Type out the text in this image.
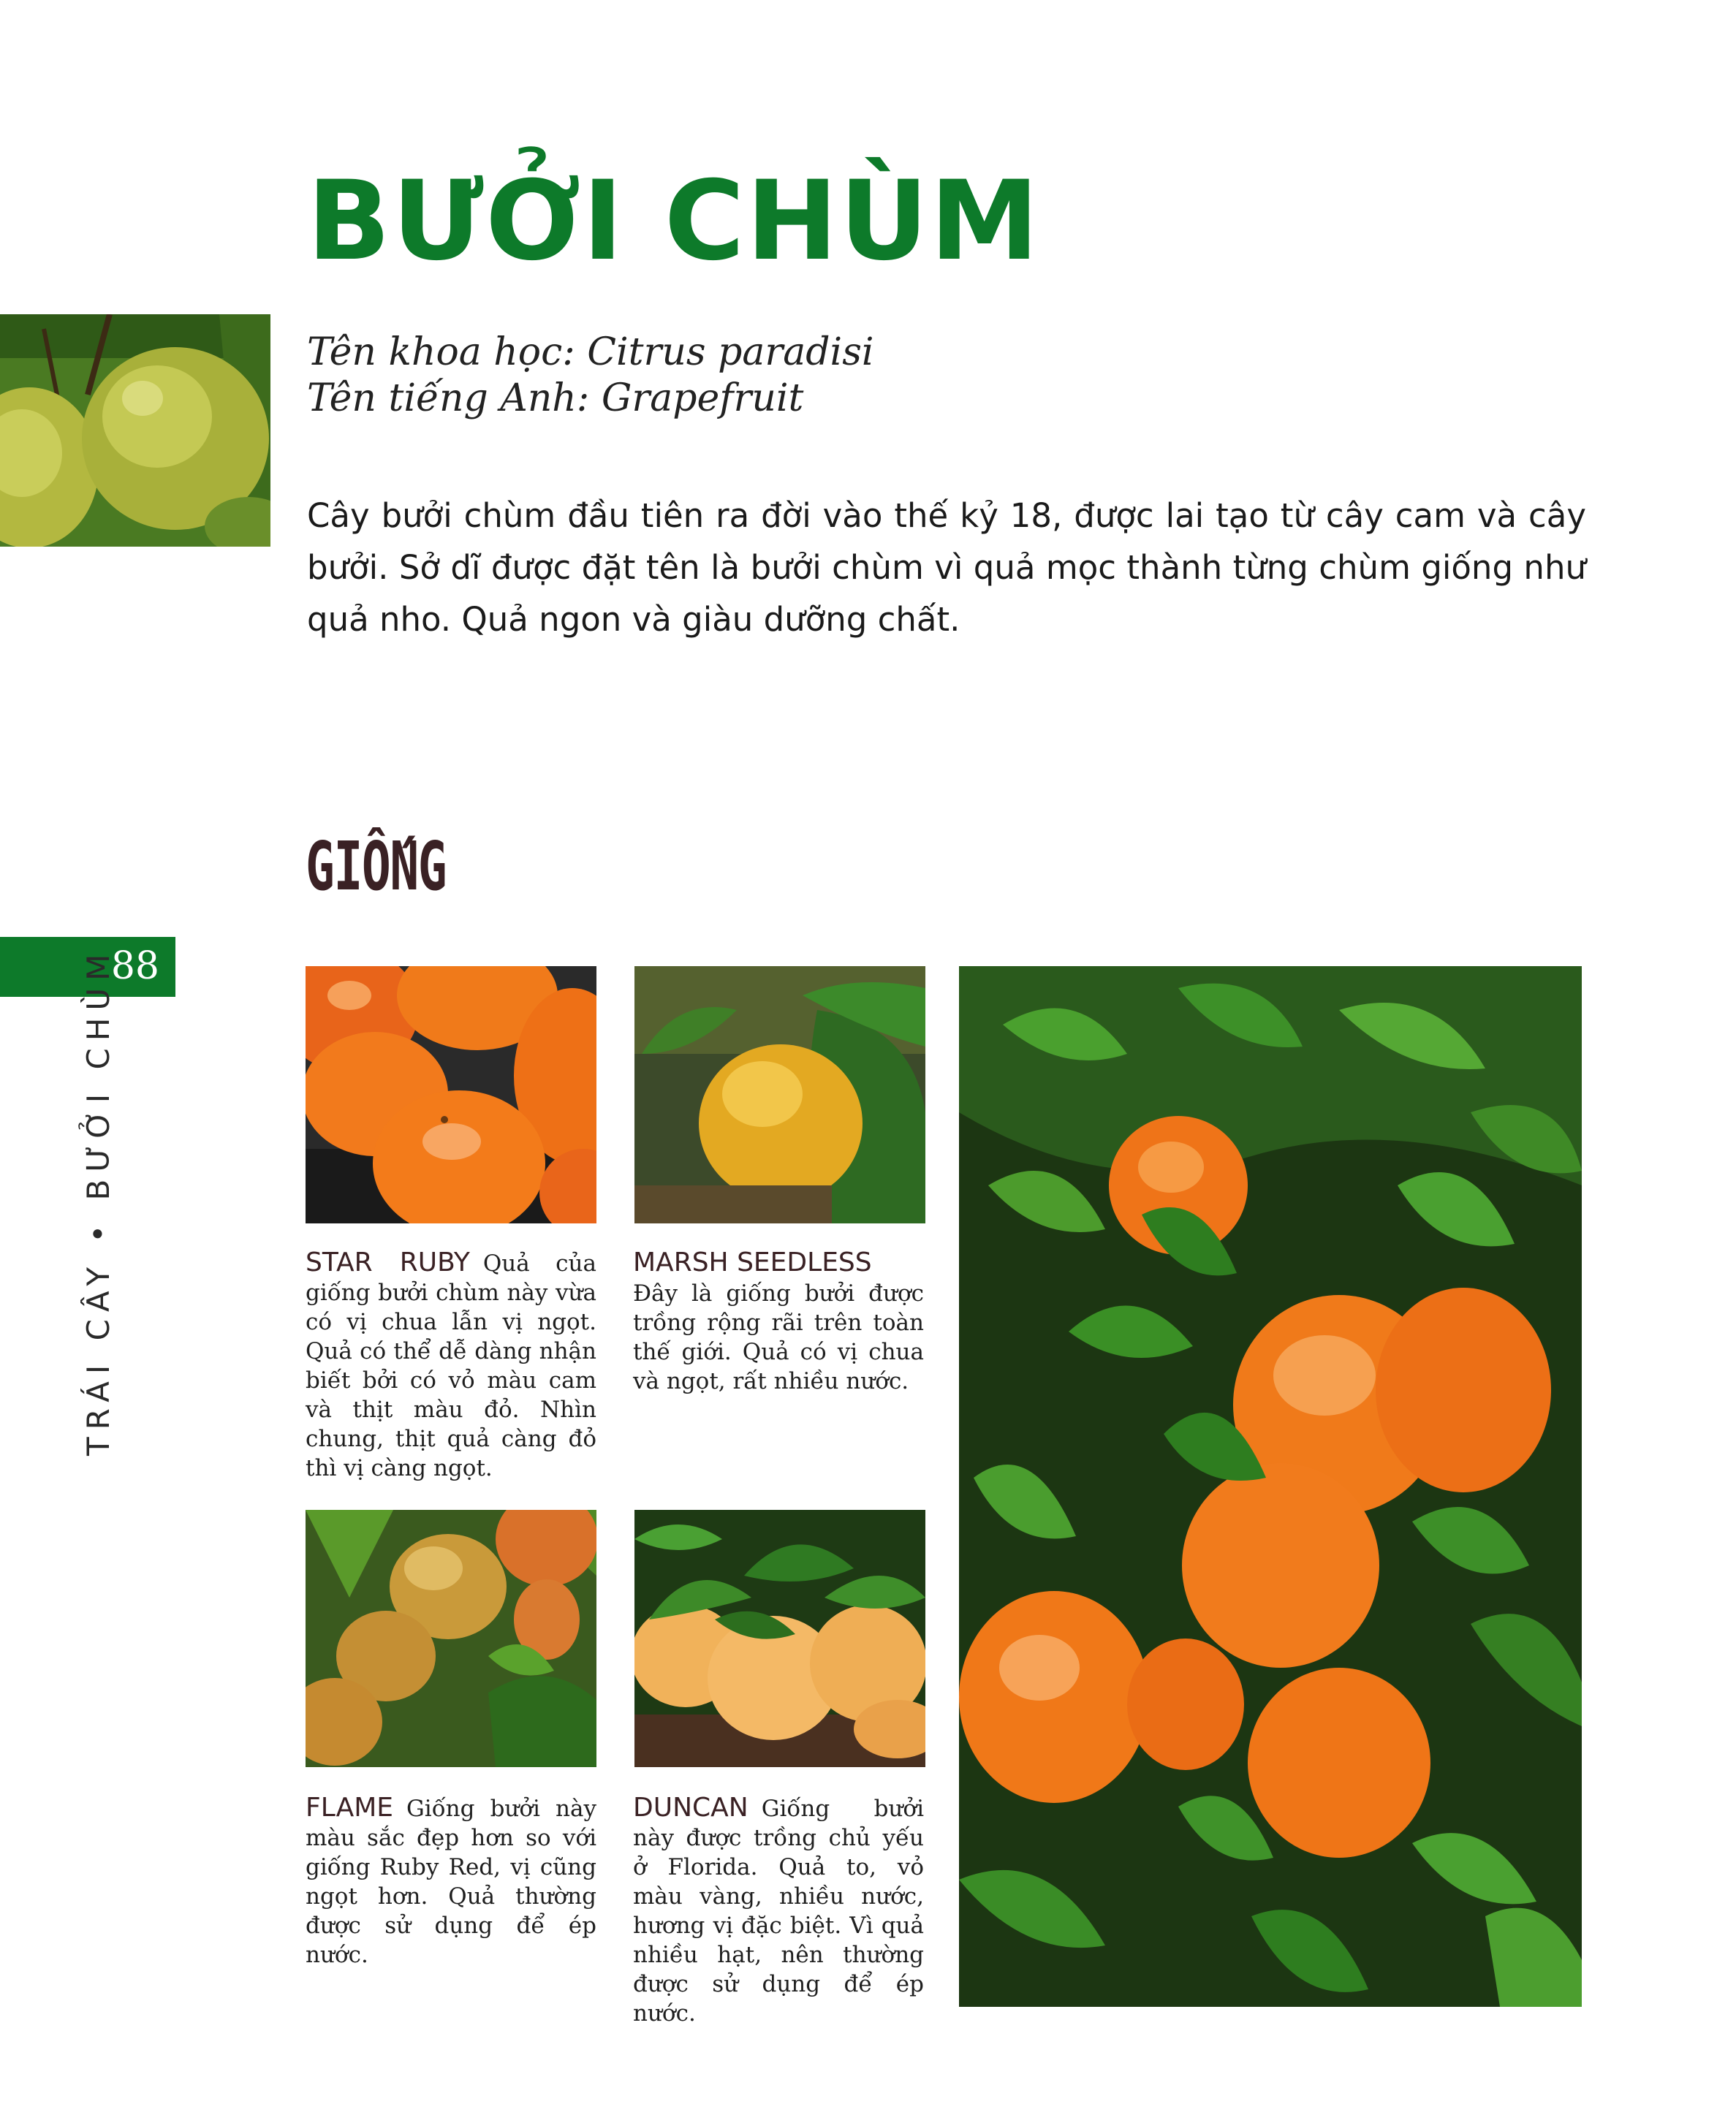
BƯỞI CHÙM
Tên khoa học: Citrus paradisi
Tên tiếng Anh: Grapefruit

Cây bưởi chùm đầu tiên ra đời vào thế kỷ 18, được lai tạo từ cây cam và cây bưởi. Sở dĩ được đặt tên là bưởi chùm vì quả mọc thành từng chùm giống như quả nho. Quả ngon và giàu dưỡng chất.

GIỐNG
88
TRÁI CÂY • BƯỞI CHÙM	STAR RUBY Quả của giống bưởi chùm này vừa có vị chua lẫn vị ngọt. Quả có thể dễ dàng nhận biết bởi có vỏ màu cam và thịt màu đỏ. Nhìn chung, thịt quả càng đỏ thì vị càng ngọt.

MARSH SEEDLESS
Đây là giống bưởi được trồng rộng rãi trên toàn thế giới. Quả có vị chua và ngọt, rất nhiều nước.

FLAME Giống bưởi này màu sắc đẹp hơn so với giống Ruby Red, vị cũng ngọt hơn. Quả thường được sử dụng để ép nước.

DUNCAN Giống bưởi này được trồng chủ yếu ở Florida. Quả to, vỏ màu vàng, nhiều nước, hương vị đặc biệt. Vì quả nhiều hạt, nên thường được sử dụng để ép nước.
